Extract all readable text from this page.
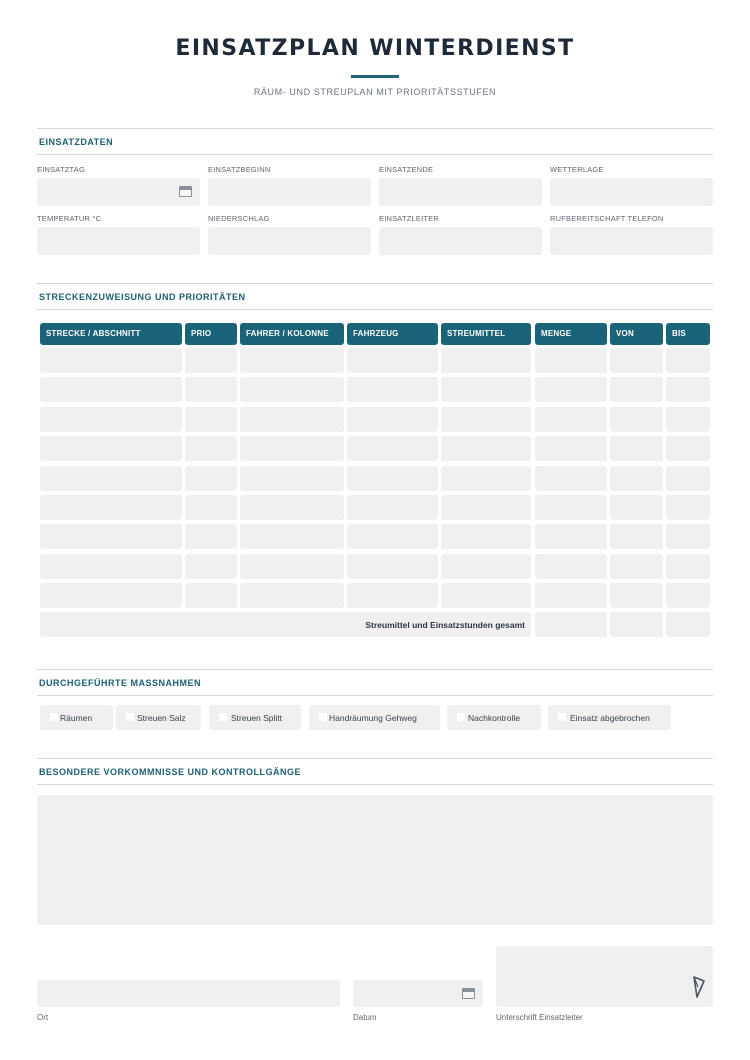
EINSATZPLAN WINTERDIENST
RÄUM- UND STREUPLAN MIT PRIORITÄTSSTUFEN
EINSATZDATEN
EINSATZTAG	EINSATZBEGINN	EINSATZENDE	WETTERLAGE
TEMPERATUR °C	NIEDERSCHLAG	EINSATZLEITER	RUFBEREITSCHAFT TELEFON
STRECKENZUWEISUNG UND PRIORITÄTEN
STRECKE / ABSCHNITT	PRIO	FAHRER / KOLONNE	FAHRZEUG	STREUMITTEL	MENGE	VON	BIS
Streumittel und Einsatzstunden gesamt
DURCHGEFÜHRTE MASSNAHMEN
Räumen	Streuen Salz	Streuen Splitt	Handräumung Gehweg	Nachkontrolle	Einsatz abgebrochen
BESONDERE VORKOMMNISSE UND KONTROLLGÄNGE
Ort	Datum	Unterschrift Einsatzleiter
